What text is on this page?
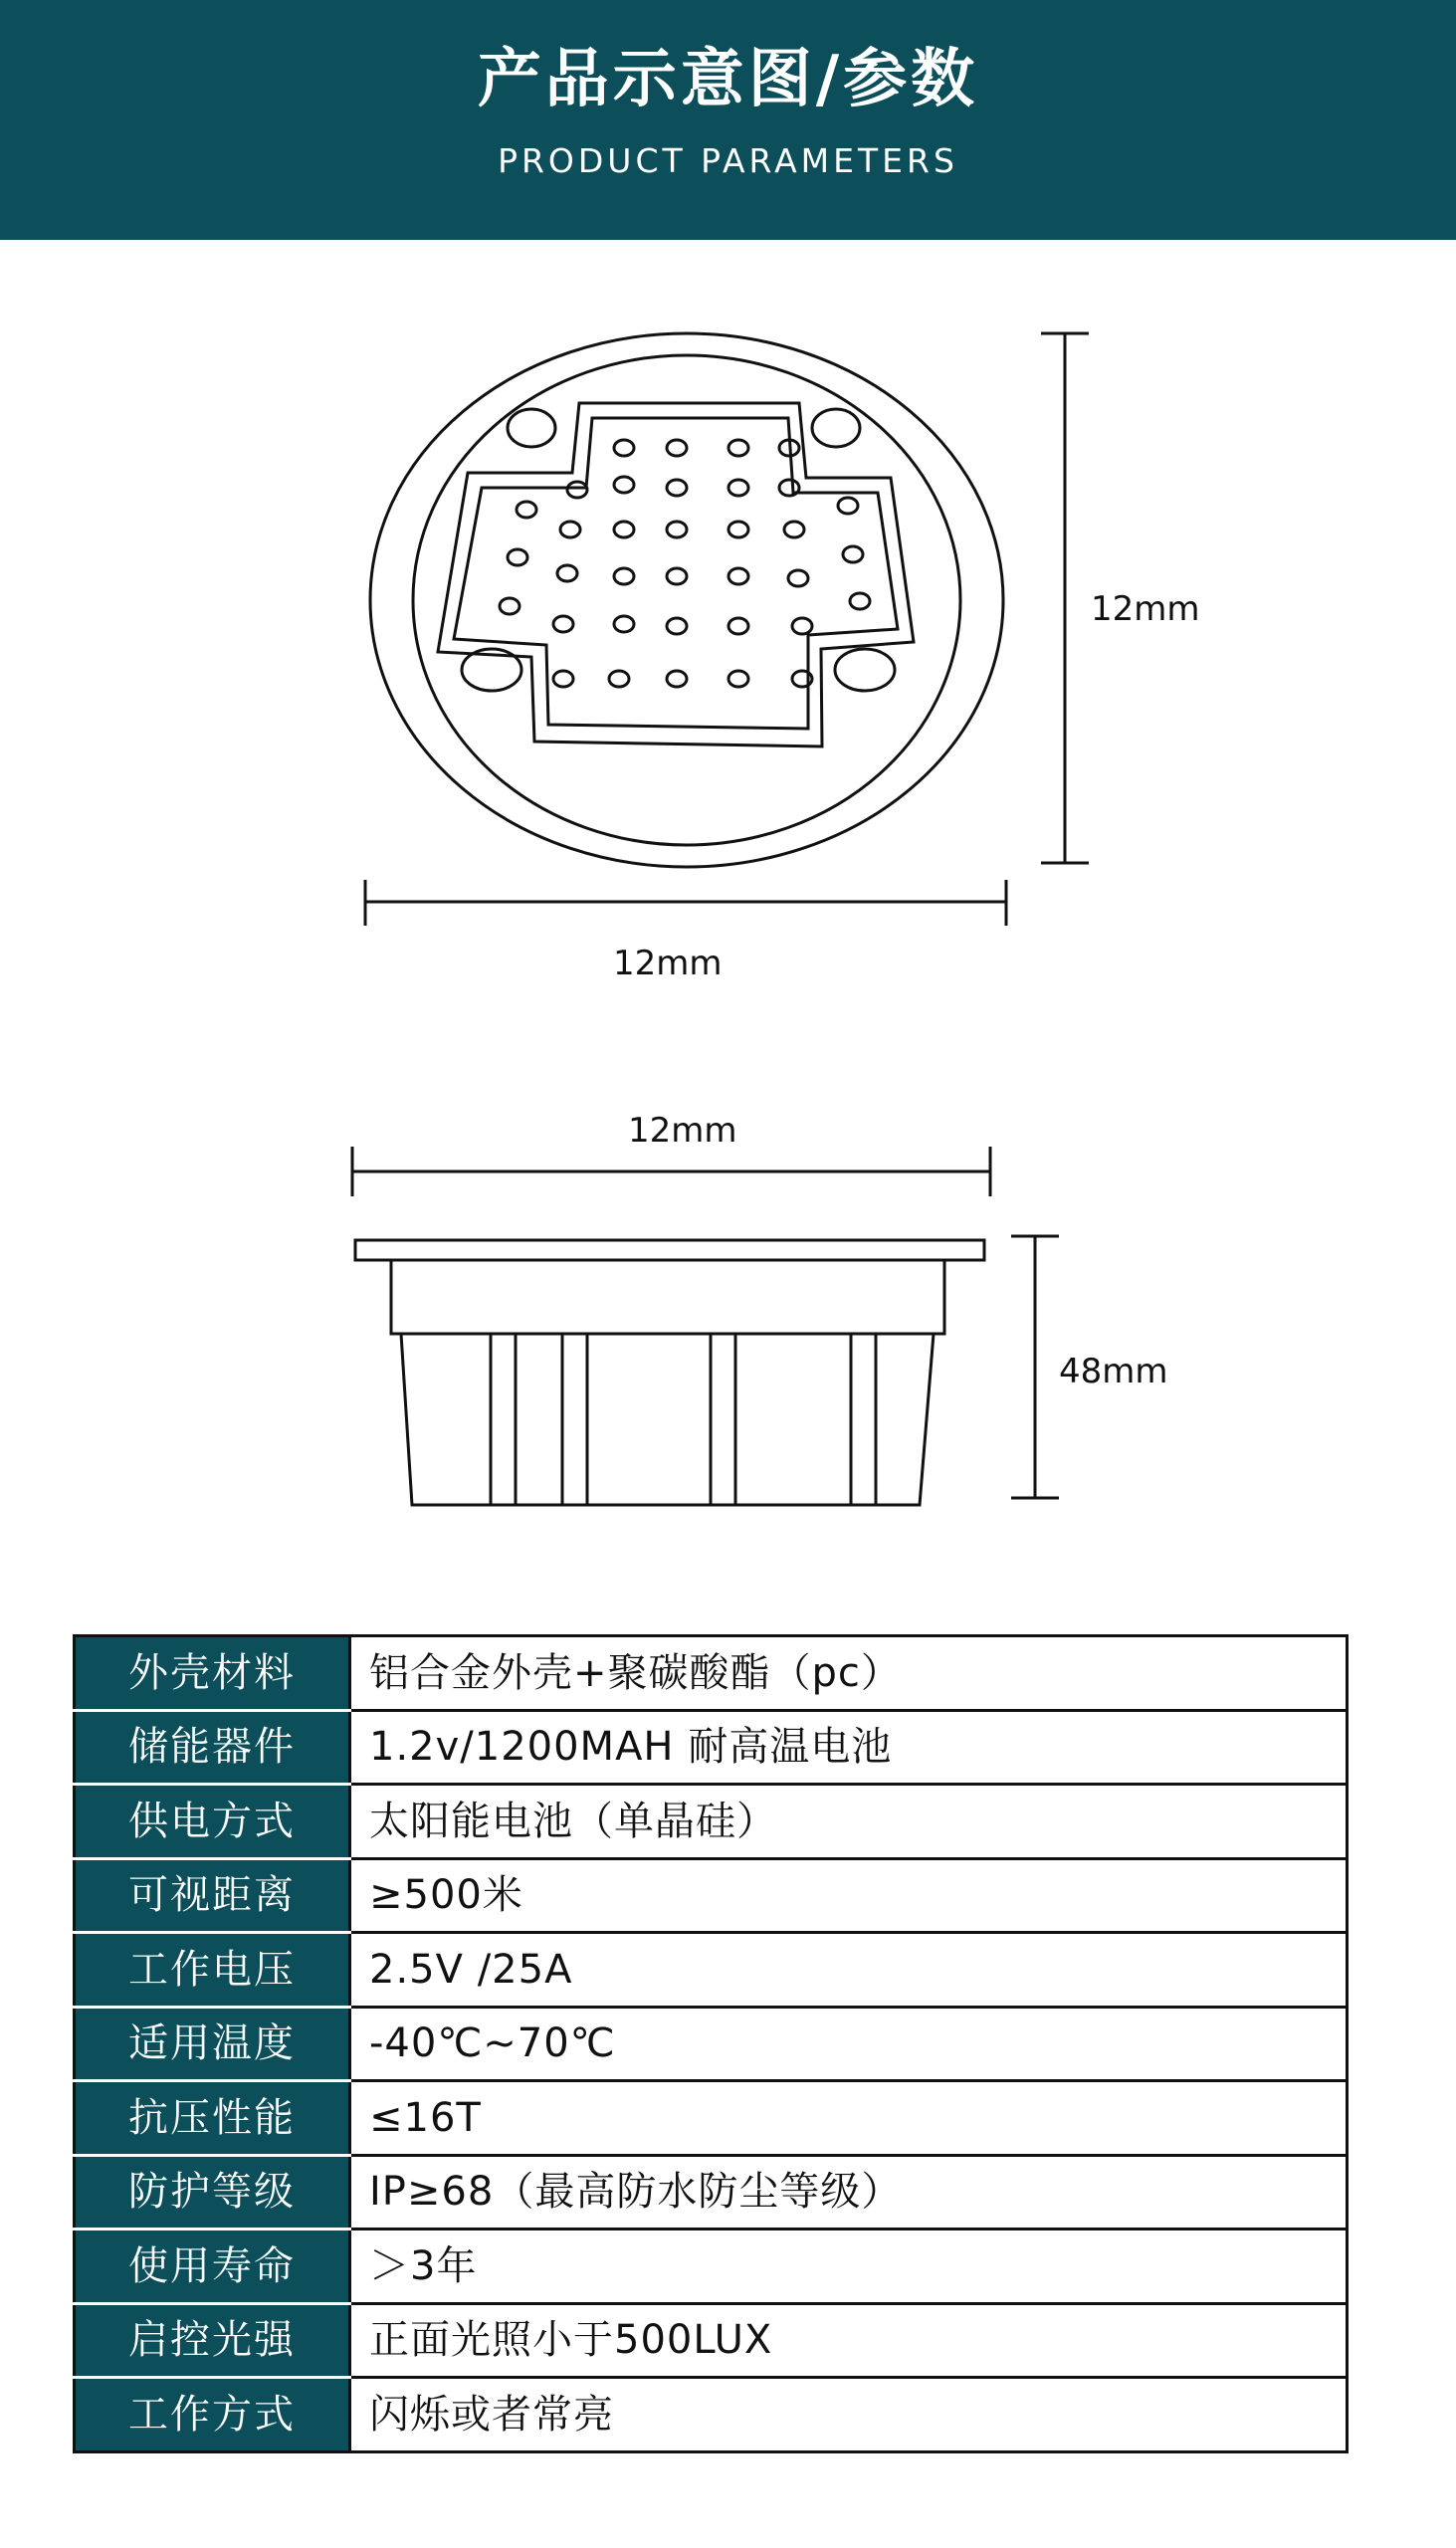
产品示意图/参数
PRODUCT PARAMETERS
12mm
12mm
12mm
48mm
外壳材料	铝合金外壳+聚碳酸酯（pc）
储能器件	1.2v/1200MAH 耐高温电池
供电方式	太阳能电池（单晶硅）
可视距离	≥500米
工作电压	2.5V /25A
适用温度	-40℃~70℃
抗压性能	≤16T
防护等级	IP≥68（最高防水防尘等级）
使用寿命	＞3年
启控光强	正面光照小于500LUX
工作方式	闪烁或者常亮
